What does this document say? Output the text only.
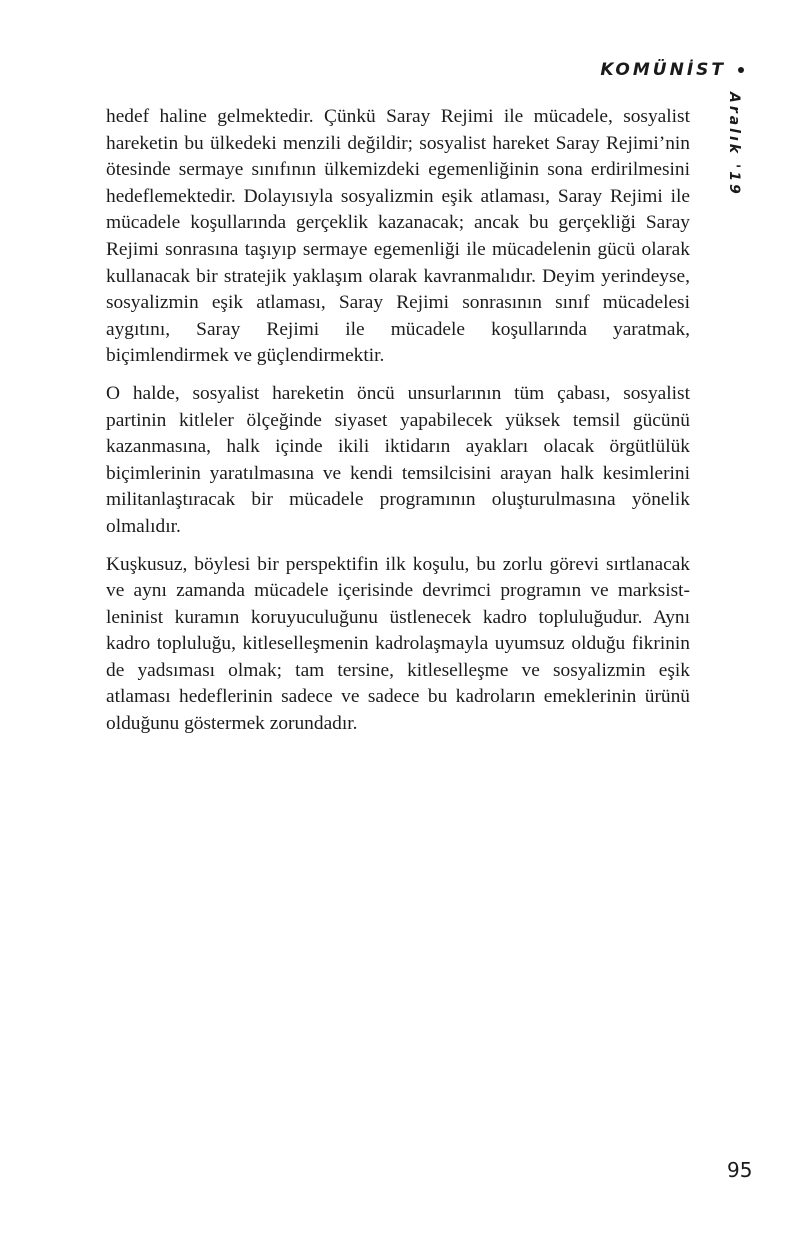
KOMÜNİST
Aralık '19

hedef haline gelmektedir. Çünkü Saray Rejimi ile mücadele, sosyalist hareketin bu ülkedeki menzili değildir; sosyalist hareket Saray Rejimi’nin ötesinde sermaye sınıfının ülkemizdeki egemenliğinin sona erdirilmesini hedeflemektedir. Dolayısıyla sosyalizmin eşik atlaması, Saray Rejimi ile mücadele koşullarında gerçeklik kazanacak; ancak bu gerçekliği Saray Rejimi sonrasına taşıyıp sermaye egemenliği ile mücadelenin gücü olarak kullanacak bir stratejik yaklaşım olarak kavranmalıdır. Deyim yerindeyse, sosyalizmin eşik atlaması, Saray Rejimi sonrasının sınıf mücadelesi aygıtını, Saray Rejimi ile mücadele koşullarında yaratmak, biçimlendirmek ve güçlendirmektir.

O halde, sosyalist hareketin öncü unsurlarının tüm çabası, sosyalist partinin kitleler ölçeğinde siyaset yapabilecek yüksek temsil gücünü kazanmasına, halk içinde ikili iktidarın ayakları olacak örgütlülük biçimlerinin yaratılmasına ve kendi temsilcisini arayan halk kesimlerini militanlaştıracak bir mücadele programının oluşturulmasına yönelik olmalıdır.

Kuşkusuz, böylesi bir perspektifin ilk koşulu, bu zorlu görevi sırtlanacak ve aynı zamanda mücadele içerisinde devrimci programın ve marksist-leninist kuramın koruyuculuğunu üstlenecek kadro topluluğudur. Aynı kadro topluluğu, kitleselleşmenin kadrolaşmayla uyumsuz olduğu fikrinin de yadsıması olmak; tam tersine, kitleselleşme ve sosyalizmin eşik atlaması hedeflerinin sadece ve sadece bu kadroların emeklerinin ürünü olduğunu göstermek zorundadır.

95
